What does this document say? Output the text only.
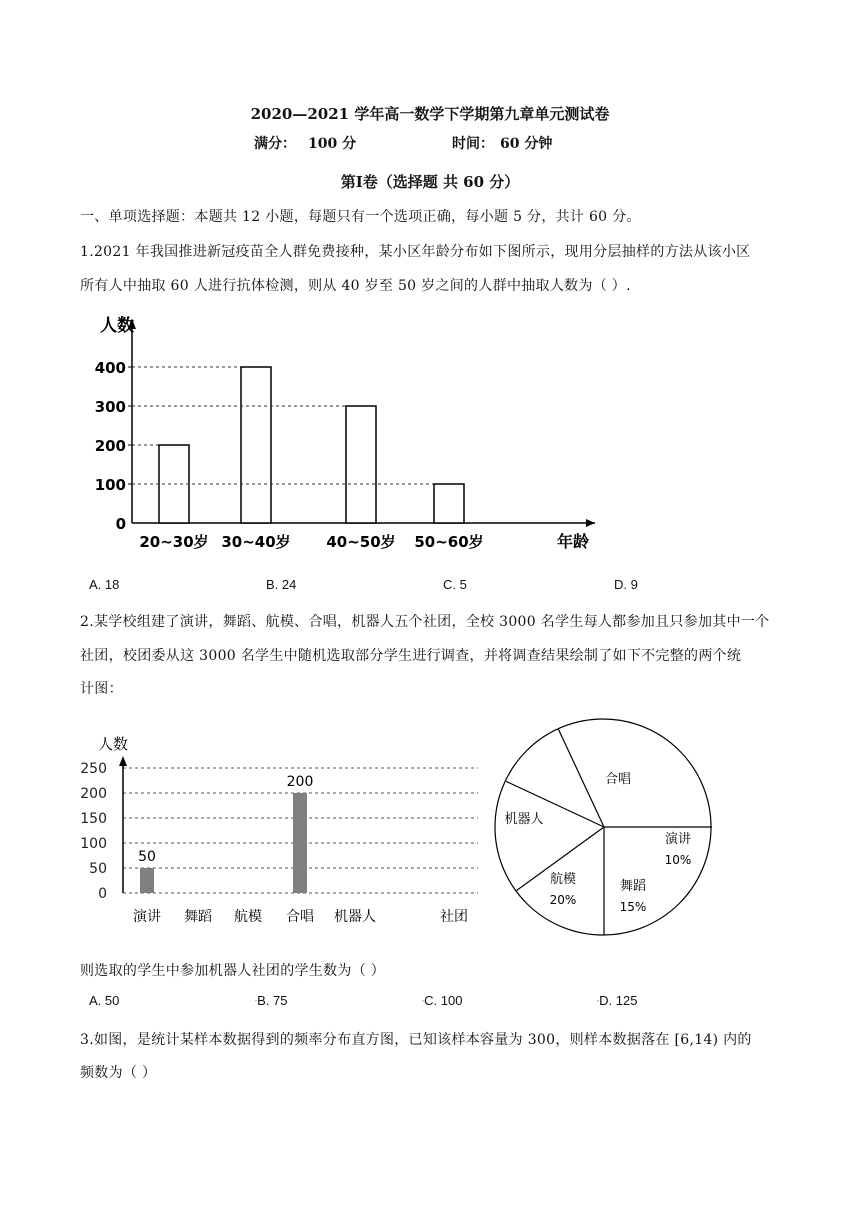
2020—2021 学年高一数学下学期第九章单元测试卷
满分： 100 分	时间： 60 分钟
第Ⅰ卷（选择题 共 60 分）
一、单项选择题：本题共 12 小题，每题只有一个选项正确，每小题 5 分，共计 60 分。
1.2021 年我国推进新冠疫苗全人群免费接种，某小区年龄分布如下图所示，现用分层抽样的方法从该小区
所有人中抽取 60 人进行抗体检测，则从 40 岁至 50 岁之间的人群中抽取人数为（ ）.
人数
0
100
200
300
400
20~30岁 30~40岁 40~50岁 50~60岁	年龄
A. 18	B. 24	C. 5	D. 9
2.某学校组建了演讲，舞蹈、航模、合唱，机器人五个社团，全校 3000 名学生每人都参加且只参加其中一个
社团，校团委从这 3000 名学生中随机选取部分学生进行调查，并将调查结果绘制了如下不完整的两个统
计图：
人数
0
50
100
150
200
250
50
演讲 舞蹈 航模
200
合唱 机器人	社团
合唱
演讲
10%
舞蹈
15%
航模
20%
机器人
则选取的学生中参加机器人社团的学生数为（ ）
A. 50	◦B. 75	◦C. 100	◦D. 125
3.如图，是统计某样本数据得到的频率分布直方图，已知该样本容量为 300，则样本数据落在 [6,14) 内的
频数为（ ）
